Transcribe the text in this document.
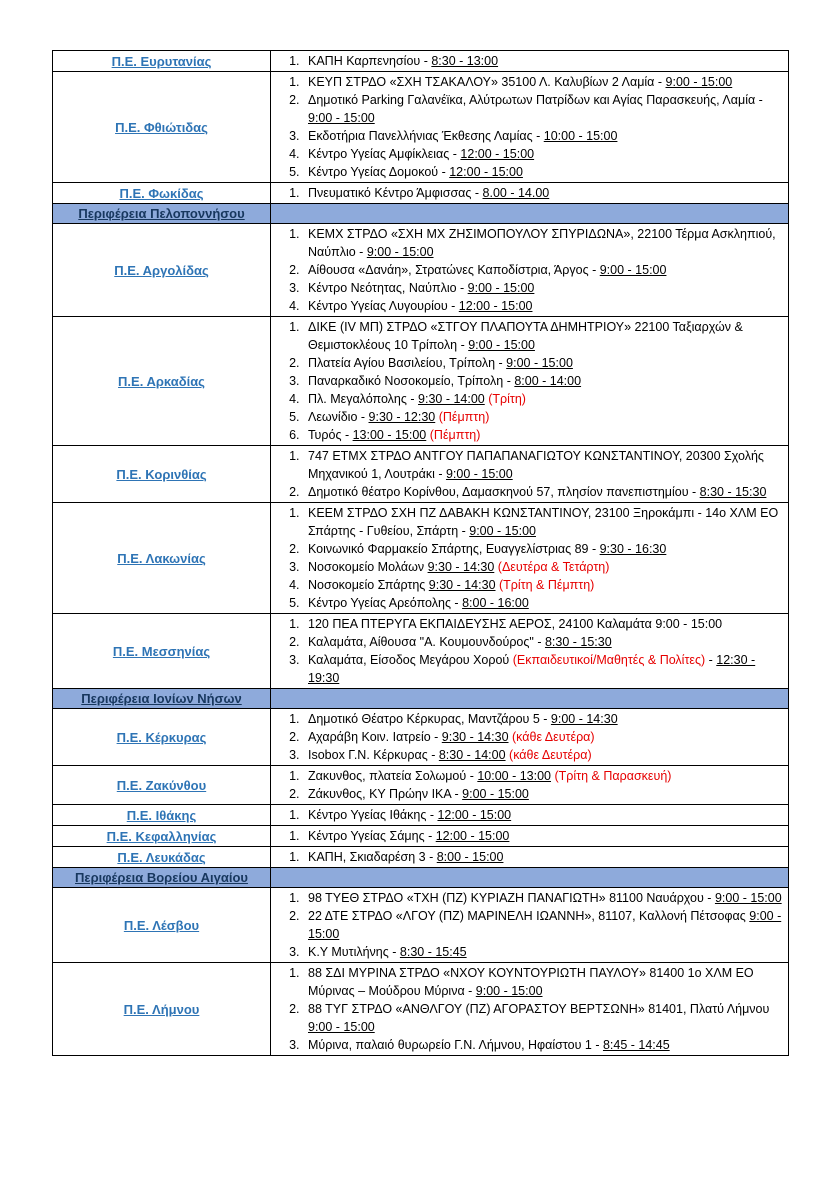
Π.Ε. Ευρυτανίας	
1.ΚΑΠΗ Καρπενησίου - 8:30 - 13:00

Π.Ε. Φθιώτιδας	
1. ΚΕΥΠ ΣΤΡΔΟ «ΣΧΗ ΤΣΑΚΑΛΟΥ» 35100 Λ. Καλυβίων 2 Λαμία - 9:00 - 15:00
2. Δημοτικό Parking Γαλανέϊκα, Αλύτρωτων Πατρίδων και Αγίας Παρασκευής, Λαμία - 9:00 - 15:00
3. Εκδοτήρια Πανελλήνιας Έκθεσης Λαμίας - 10:00 - 15:00
4. Κέντρο Υγείας Αμφίκλειας - 12:00 - 15:00
5. Κέντρο Υγείας Δομοκού - 12:00 - 15:00

Π.Ε. Φωκίδας	
1.Πνευματικό Κέντρο Άμφισσας - 8.00 - 14.00

Περιφέρεια Πελοποννήσου	
Π.Ε. Αργολίδας	
1. ΚΕΜΧ ΣΤΡΔΟ «ΣΧΗ ΜΧ ΖΗΣΙΜΟΠΟΥΛΟΥ ΣΠΥΡΙΔΩΝΑ», 22100 Τέρμα Ασκληπιού, Ναύπλιο - 9:00 - 15:00
2. Αίθουσα «Δανάη», Στρατώνες Καποδίστρια, Άργος - 9:00 - 15:00
3. Κέντρο Νεότητας, Ναύπλιο - 9:00 - 15:00
4. Κέντρο Υγείας Λυγουρίου - 12:00 - 15:00

Π.Ε. Αρκαδίας	
1. ΔΙΚΕ (IV ΜΠ) ΣΤΡΔΟ «ΣΤΓΟΥ ΠΛΑΠΟΥΤΑ ΔΗΜΗΤΡΙΟΥ» 22100 Ταξιαρχών & Θεμιστοκλέους 10 Τρίπολη - 9:00 - 15:00
2. Πλατεία Αγίου Βασιλείου, Τρίπολη - 9:00 - 15:00
3. Παναρκαδικό Νοσοκομείο, Τρίπολη - 8:00 - 14:00
4. Πλ. Μεγαλόπολης - 9:30 - 14:00 (Τρίτη)
5. Λεωνίδιο - 9:30 - 12:30 (Πέμπτη)
6. Τυρός - 13:00 - 15:00 (Πέμπτη)

Π.Ε. Κορινθίας	
1. 747 ΕΤΜΧ ΣΤΡΔΟ ΑΝΤΓΟΥ ΠΑΠΑΠΑΝΑΓΙΩΤΟΥ ΚΩΝΣΤΑΝΤΙΝΟΥ, 20300 Σχολής Μηχανικού 1, Λουτράκι - 9:00 - 15:00
2. Δημοτικό θέατρο Κορίνθου, Δαμασκηνού 57, πλησίον πανεπιστημίου - 8:30 - 15:30

Π.Ε. Λακωνίας	
1. ΚΕΕΜ ΣΤΡΔΟ ΣΧΗ ΠΖ ΔΑΒΑΚΗ ΚΩΝΣΤΑΝΤΙΝΟΥ, 23100 Ξηροκάμπι - 14ο ΧΛΜ ΕΟ Σπάρτης - Γυθείου, Σπάρτη - 9:00 - 15:00
2. Κοινωνικό Φαρμακείο Σπάρτης, Ευαγγελίστριας 89 - 9:30 - 16:30
3. Νοσοκομείο Μολάων 9:30 - 14:30 (Δευτέρα & Τετάρτη)
4. Νοσοκομείο Σπάρτης 9:30 - 14:30 (Τρίτη & Πέμπτη)
5. Κέντρο Υγείας Αρεόπολης - 8:00 - 16:00

Π.Ε. Μεσσηνίας	
1. 120 ΠΕΑ ΠΤΕΡΥΓΑ ΕΚΠΑΙΔΕΥΣΗΣ ΑΕΡΟΣ, 24100 Καλαμάτα 9:00 - 15:00
2. Καλαμάτα, Αίθουσα "Α. Κουμουνδούρος" - 8:30 - 15:30
3. Καλαμάτα, Είσοδος Μεγάρου Χορού (Εκπαιδευτικοί/Μαθητές & Πολίτες) - 12:30 - 19:30

Περιφέρεια Ιονίων Νήσων	
Π.Ε. Κέρκυρας	
1. Δημοτικό Θέατρο Κέρκυρας, Μαντζάρου 5 - 9:00 - 14:30
2. Αχαράβη Κοιν. Ιατρείο - 9:30 - 14:30 (κάθε Δευτέρα)
3. Isobox Γ.Ν. Κέρκυρας - 8:30 - 14:00 (κάθε Δευτέρα)

Π.Ε. Ζακύνθου	
1. Ζακυνθος, πλατεία Σολωμού - 10:00 - 13:00 (Τρίτη & Παρασκευή)
2. Ζάκυνθος, ΚΥ Πρώην ΙΚΑ - 9:00 - 15:00

Π.Ε. Ιθάκης	
1.Κέντρο Υγείας Ιθάκης - 12:00 - 15:00

Π.Ε. Κεφαλληνίας	
1.Κέντρο Υγείας Σάμης - 12:00 - 15:00

Π.Ε. Λευκάδας	
1.ΚΑΠΗ, Σκιαδαρέση 3 - 8:00 - 15:00

Περιφέρεια Βορείου Αιγαίου	
Π.Ε. Λέσβου	
1. 98 ΤΥΕΘ ΣΤΡΔΟ «ΤΧΗ (ΠΖ) ΚΥΡΙΑΖΗ ΠΑΝΑΓΙΩΤΗ» 81100 Ναυάρχου - 9:00 - 15:00
2. 22 ΔΤΕ ΣΤΡΔΟ «ΛΓΟΥ (ΠΖ) ΜΑΡΙΝΕΛΗ ΙΩΑΝΝΗ», 81107, Καλλονή Πέτσοφας 9:00 - 15:00
3. Κ.Υ Μυτιλήνης - 8:30 - 15:45

Π.Ε. Λήμνου	
1. 88 ΣΔΙ ΜΥΡΙΝΑ ΣΤΡΔΟ «ΝΧΟΥ ΚΟΥΝΤΟΥΡΙΩΤΗ ΠΑΥΛΟΥ» 81400 1ο ΧΛΜ ΕΟ Μύρινας – Μούδρου Μύρινα - 9:00 - 15:00
2. 88 ΤΥΓ ΣΤΡΔΟ «ΑΝΘΛΓΟΥ (ΠΖ) ΑΓΟΡΑΣΤΟΥ ΒΕΡΤΣΩΝΗ» 81401, Πλατύ Λήμνου 9:00 - 15:00
3. Μύρινα, παλαιό θυρωρείο Γ.Ν. Λήμνου, Ηφαίστου 1 - 8:45 - 14:45
